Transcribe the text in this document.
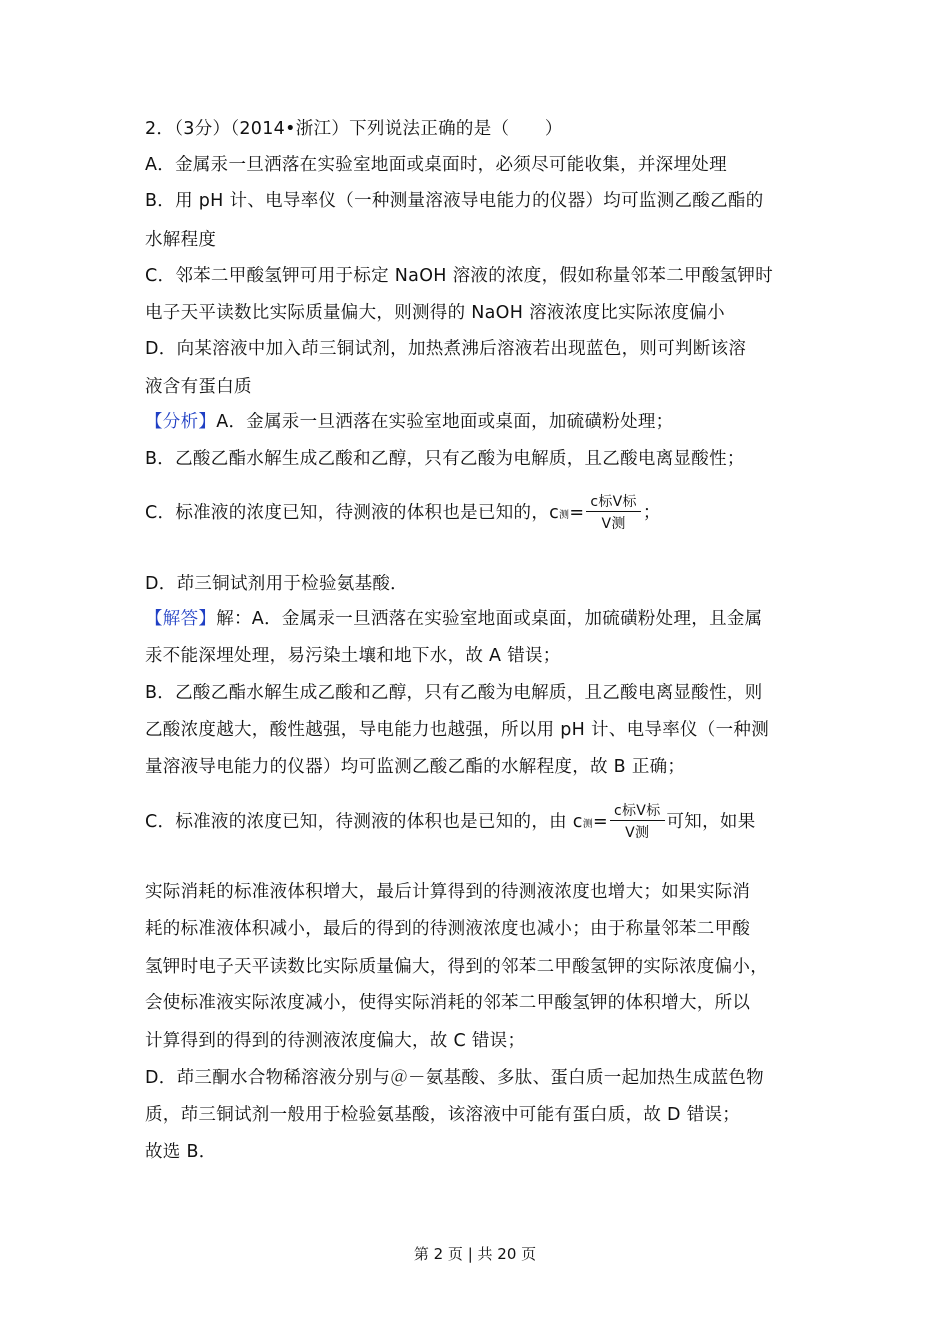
2．（3分）（2014•浙江）下列说法正确的是（　　）
A．金属汞一旦洒落在实验室地面或桌面时，必须尽可能收集，并深埋处理
B．用 pH 计、电导率仪（一种测量溶液导电能力的仪器）均可监测乙酸乙酯的
水解程度
C．邻苯二甲酸氢钾可用于标定 NaOH 溶液的浓度，假如称量邻苯二甲酸氢钾时
电子天平读数比实际质量偏大，则测得的 NaOH 溶液浓度比实际浓度偏小
D．向某溶液中加入茚三铜试剂，加热煮沸后溶液若出现蓝色，则可判断该溶
液含有蛋白质
【分析】A．金属汞一旦洒落在实验室地面或桌面，加硫磺粉处理；
B．乙酸乙酯水解生成乙酸和乙醇，只有乙酸为电解质，且乙酸电离显酸性；
C．标准液的浓度已知，待测液的体积也是已知的，c测= $\frac{\text{c标V标}}{\text{V测}}$ ；
D．茚三铜试剂用于检验氨基酸．
【解答】解：A．金属汞一旦洒落在实验室地面或桌面，加硫磺粉处理，且金属
汞不能深埋处理，易污染土壤和地下水，故 A 错误；
B．乙酸乙酯水解生成乙酸和乙醇，只有乙酸为电解质，且乙酸电离显酸性，则
乙酸浓度越大，酸性越强，导电能力也越强，所以用 pH 计、电导率仪（一种测
量溶液导电能力的仪器）均可监测乙酸乙酯的水解程度，故 B 正确；
C．标准液的浓度已知，待测液的体积也是已知的，由 c测= $\frac{\text{c标V标}}{\text{V测}}$ 可知，如果
实际消耗的标准液体积增大，最后计算得到的待测液浓度也增大；如果实际消
耗的标准液体积减小，最后的得到的待测液浓度也减小；由于称量邻苯二甲酸
氢钾时电子天平读数比实际质量偏大，得到的邻苯二甲酸氢钾的实际浓度偏小，
会使标准液实际浓度减小，使得实际消耗的邻苯二甲酸氢钾的体积增大，所以
计算得到的得到的待测液浓度偏大，故 C 错误；
D．茚三酮水合物稀溶液分别与＠－氨基酸、多肽、蛋白质一起加热生成蓝色物
质，茚三铜试剂一般用于检验氨基酸，该溶液中可能有蛋白质，故 D 错误；
故选 B．
第 2 页 | 共 20 页
